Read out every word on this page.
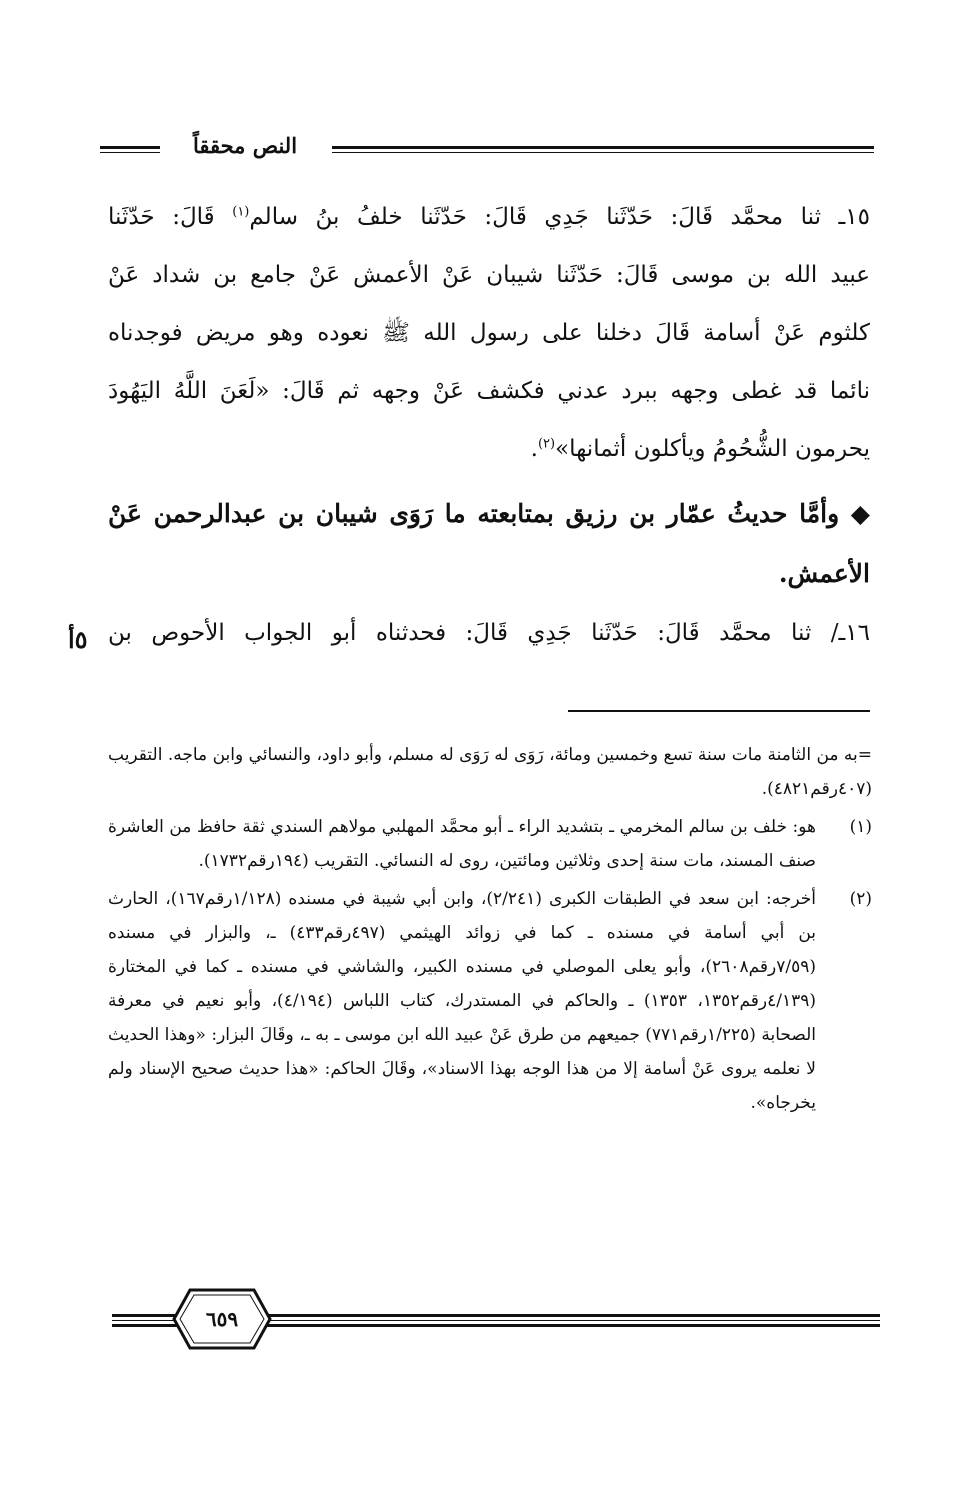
النص محققاً

١٥ـ ثنا محمَّد قَالَ: حَدّثَنا جَدِي قَالَ: حَدّثَنا خلفُ بنُ سالم$^{(١)}$ قَالَ: حَدّثَنا

عبيد الله بن موسى قَالَ: حَدّثَنا شيبان عَنْ الأعمش عَنْ جامع بن شداد عَنْ

كلثوم عَنْ أسامة قَالَ دخلنا على رسول الله ﷺ نعوده وهو مريض فوجدناه

نائما قد غطى وجهه ببرد عدني فكشف عَنْ وجهه ثم قَالَ: «لَعَنَ اللَّهُ اليَهُودَ

يحرمون الشُّحُومُ ويأكلون أثمانها»$^{(٢)}$.

◆ وأمَّا حديثُ عمّار بن رزيق بمتابعته ما رَوَى شيبان بن عبدالرحمن عَنْ الأعمش.

١٦ـ/ ثنا محمَّد قَالَ: حَدّثَنا جَدِي قَالَ: فحدثناه أبو الجواب الأحوص بن

٥أ

=به من الثامنة مات سنة تسع وخمسين ومائة، رَوَى له رَوَى له مسلم، وأبو داود، والنسائي وابن ماجه. التقريب (٤٠٧رقم٤٨٢١).

(١)
هو: خلف بن سالم المخرمي ـ بتشديد الراء ـ أبو محمَّد المهلبي مولاهم السندي ثقة حافظ من العاشرة صنف المسند، مات سنة إحدى وثلاثين ومائتين، روى له النسائي. التقريب (١٩٤رقم١٧٣٢).
(٢)
أخرجه: ابن سعد في الطبقات الكبرى (٢/٢٤١)، وابن أبي شيبة في مسنده (١/١٢٨رقم١٦٧)، الحارث بن أبي أسامة في مسنده ـ كما في زوائد الهيثمي (٤٩٧رقم٤٣٣) ـ، والبزار في مسنده (٧/٥٩رقم٢٦٠٨)، وأبو يعلى الموصلي في مسنده الكبير، والشاشي في مسنده ـ كما في المختارة (٤/١٣٩رقم١٣٥٢، ١٣٥٣) ـ والحاكم في المستدرك، كتاب اللباس (٤/١٩٤)، وأبو نعيم في معرفة الصحابة (١/٢٢٥رقم٧٧١) جميعهم من طرق عَنْ عبيد الله ابن موسى ـ به ـ، وقَالَ البزار: «وهذا الحديث لا نعلمه يروى عَنْ أسامة إلا من هذا الوجه بهذا الاسناد»، وقَالَ الحاكم: «هذا حديث صحيح الإسناد ولم يخرجاه».
٦٥٩
